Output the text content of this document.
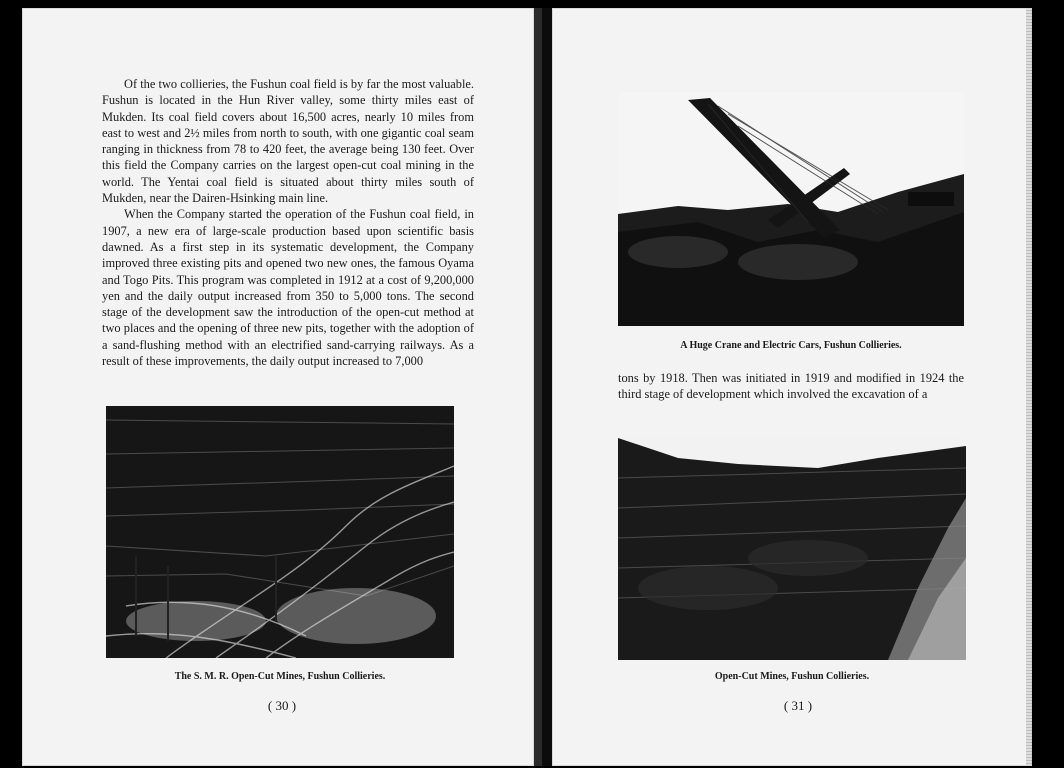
Of the two collieries, the Fushun coal field is by far the most valuable. Fushun is located in the Hun River valley, some thirty miles east of Mukden. Its coal field covers about 16,500 acres, nearly 10 miles from east to west and 2½ miles from north to south, with one gigantic coal seam ranging in thickness from 78 to 420 feet, the average being 130 feet. Over this field the Company carries on the largest open-cut coal mining in the world. The Yentai coal field is situated about thirty miles south of Mukden, near the Dairen-Hsinking main line.

When the Company started the operation of the Fushun coal field, in 1907, a new era of large-scale production based upon scientific basis dawned. As a first step in its systematic development, the Company improved three existing pits and opened two new ones, the famous Oyama and Togo Pits. This program was completed in 1912 at a cost of 9,200,000 yen and the daily output increased from 350 to 5,000 tons. The second stage of the development saw the introduction of the open-cut method at two places and the opening of three new pits, together with the adoption of a sand-flushing method with an electrified sand-carrying railways. As a result of these improvements, the daily output increased to 7,000

The S. M. R. Open-Cut Mines, Fushun Collieries.
( 30 )
A Huge Crane and Electric Cars, Fushun Collieries.

tons by 1918. Then was initiated in 1919 and modified in 1924 the third stage of development which involved the excavation of a

Open-Cut Mines, Fushun Collieries.
( 31 )
